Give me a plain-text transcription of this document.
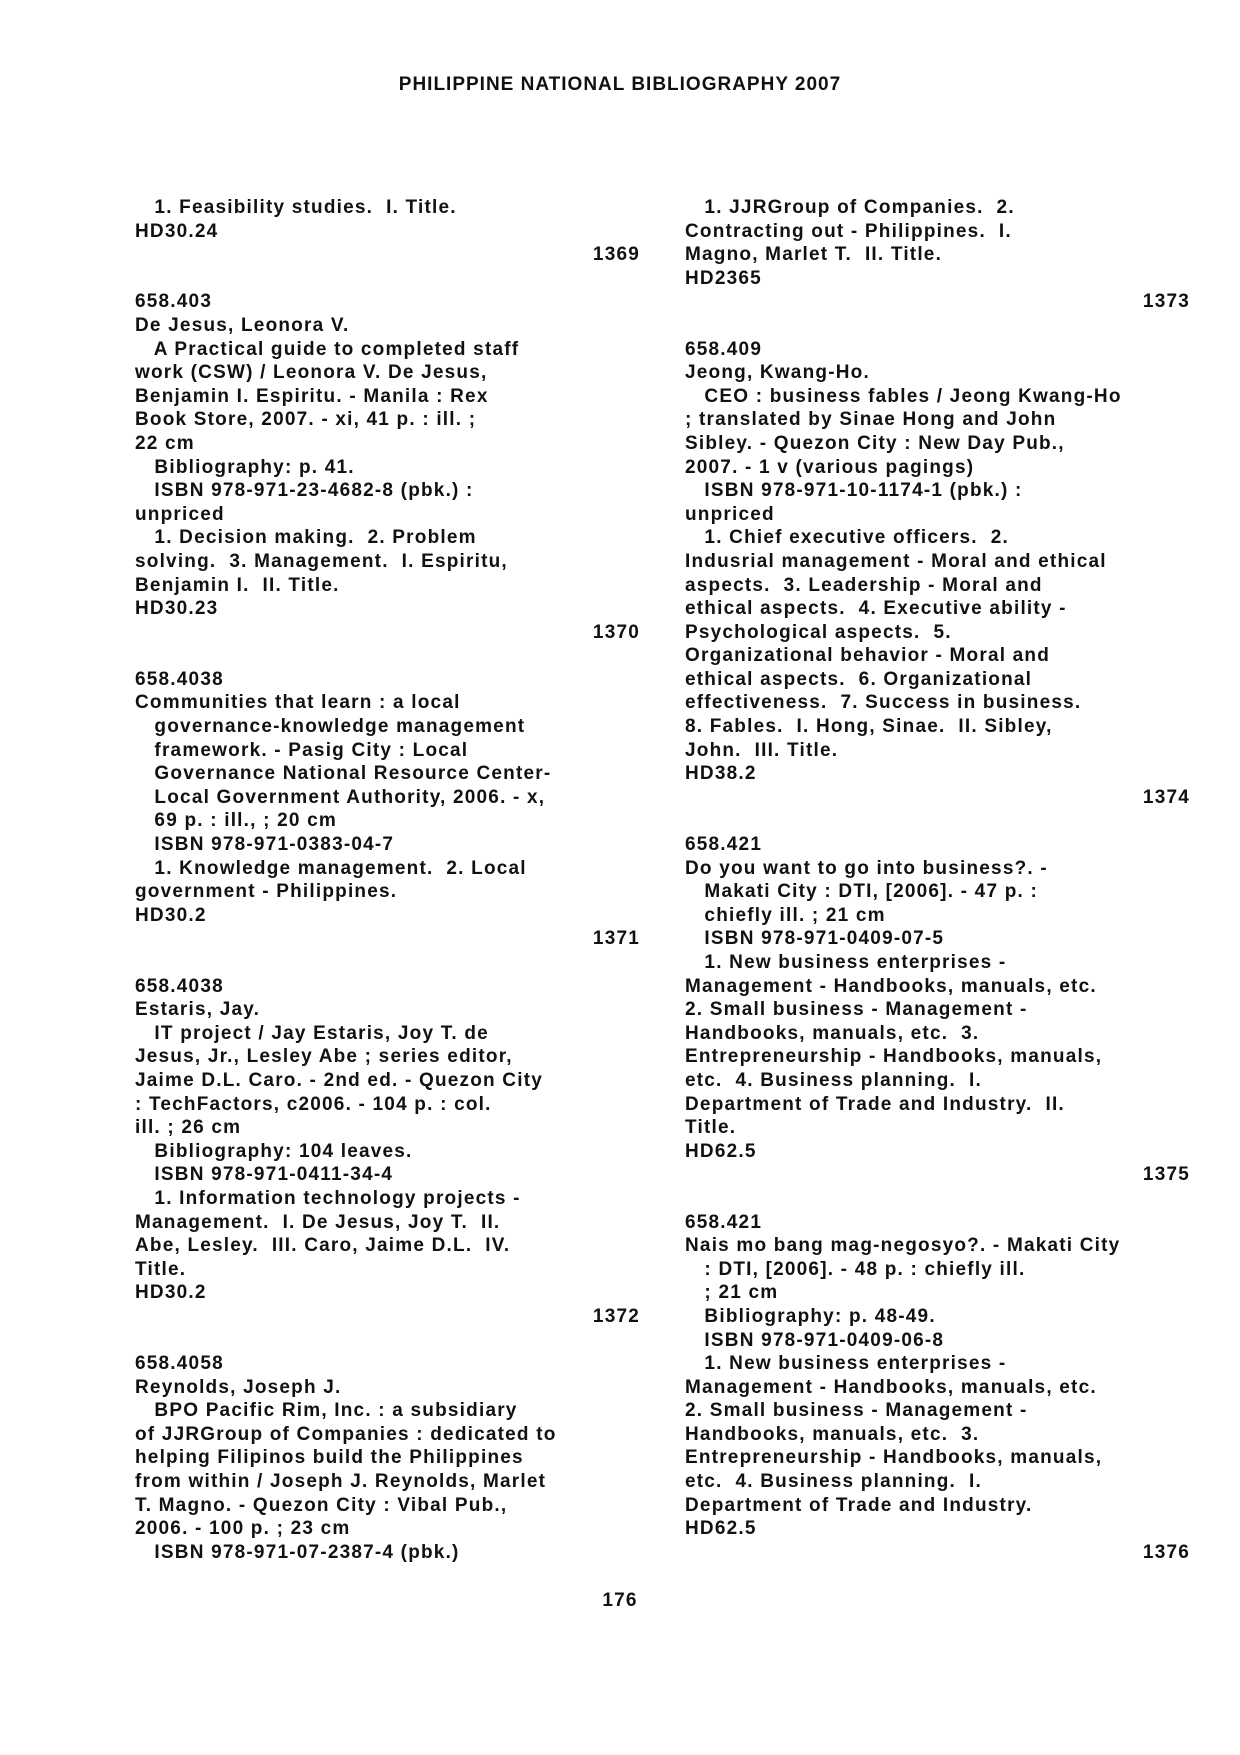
PHILIPPINE NATIONAL BIBLIOGRAPHY 2007
1. Feasibility studies.  I. Title.
HD30.24
1369
658.403
De Jesus, Leonora V.
A Practical guide to completed staff
work (CSW) / Leonora V. De Jesus,
Benjamin I. Espiritu. - Manila : Rex
Book Store, 2007. - xi, 41 p. : ill. ;
22 cm
Bibliography: p. 41.
ISBN 978-971-23-4682-8 (pbk.) :
unpriced
1. Decision making.  2. Problem
solving.  3. Management.  I. Espiritu,
Benjamin I.  II. Title.
HD30.23
1370
658.4038
Communities that learn : a local
governance-knowledge management
framework. - Pasig City : Local
Governance National Resource Center-
Local Government Authority, 2006. - x,
69 p. : ill., ; 20 cm
ISBN 978-971-0383-04-7
1. Knowledge management.  2. Local
government - Philippines.
HD30.2
1371
658.4038
Estaris, Jay.
IT project / Jay Estaris, Joy T. de
Jesus, Jr., Lesley Abe ; series editor,
Jaime D.L. Caro. - 2nd ed. - Quezon City
: TechFactors, c2006. - 104 p. : col.
ill. ; 26 cm
Bibliography: 104 leaves.
ISBN 978-971-0411-34-4
1. Information technology projects -
Management.  I. De Jesus, Joy T.  II.
Abe, Lesley.  III. Caro, Jaime D.L.  IV.
Title.
HD30.2
1372
658.4058
Reynolds, Joseph J.
BPO Pacific Rim, Inc. : a subsidiary
of JJRGroup of Companies : dedicated to
helping Filipinos build the Philippines
from within / Joseph J. Reynolds, Marlet
T. Magno. - Quezon City : Vibal Pub.,
2006. - 100 p. ; 23 cm
ISBN 978-971-07-2387-4 (pbk.)
1. JJRGroup of Companies.  2.
Contracting out - Philippines.  I.
Magno, Marlet T.  II. Title.
HD2365
1373
658.409
Jeong, Kwang-Ho.
CEO : business fables / Jeong Kwang-Ho
; translated by Sinae Hong and John
Sibley. - Quezon City : New Day Pub.,
2007. - 1 v (various pagings)
ISBN 978-971-10-1174-1 (pbk.) :
unpriced
1. Chief executive officers.  2.
Indusrial management - Moral and ethical
aspects.  3. Leadership - Moral and
ethical aspects.  4. Executive ability -
Psychological aspects.  5.
Organizational behavior - Moral and
ethical aspects.  6. Organizational
effectiveness.  7. Success in business.
8. Fables.  I. Hong, Sinae.  II. Sibley,
John.  III. Title.
HD38.2
1374
658.421
Do you want to go into business?. -
Makati City : DTI, [2006]. - 47 p. :
chiefly ill. ; 21 cm
ISBN 978-971-0409-07-5
1. New business enterprises -
Management - Handbooks, manuals, etc.
2. Small business - Management -
Handbooks, manuals, etc.  3.
Entrepreneurship - Handbooks, manuals,
etc.  4. Business planning.  I.
Department of Trade and Industry.  II.
Title.
HD62.5
1375
658.421
Nais mo bang mag-negosyo?. - Makati City
: DTI, [2006]. - 48 p. : chiefly ill.
; 21 cm
Bibliography: p. 48-49.
ISBN 978-971-0409-06-8
1. New business enterprises -
Management - Handbooks, manuals, etc.
2. Small business - Management -
Handbooks, manuals, etc.  3.
Entrepreneurship - Handbooks, manuals,
etc.  4. Business planning.  I.
Department of Trade and Industry.
HD62.5
1376
176
